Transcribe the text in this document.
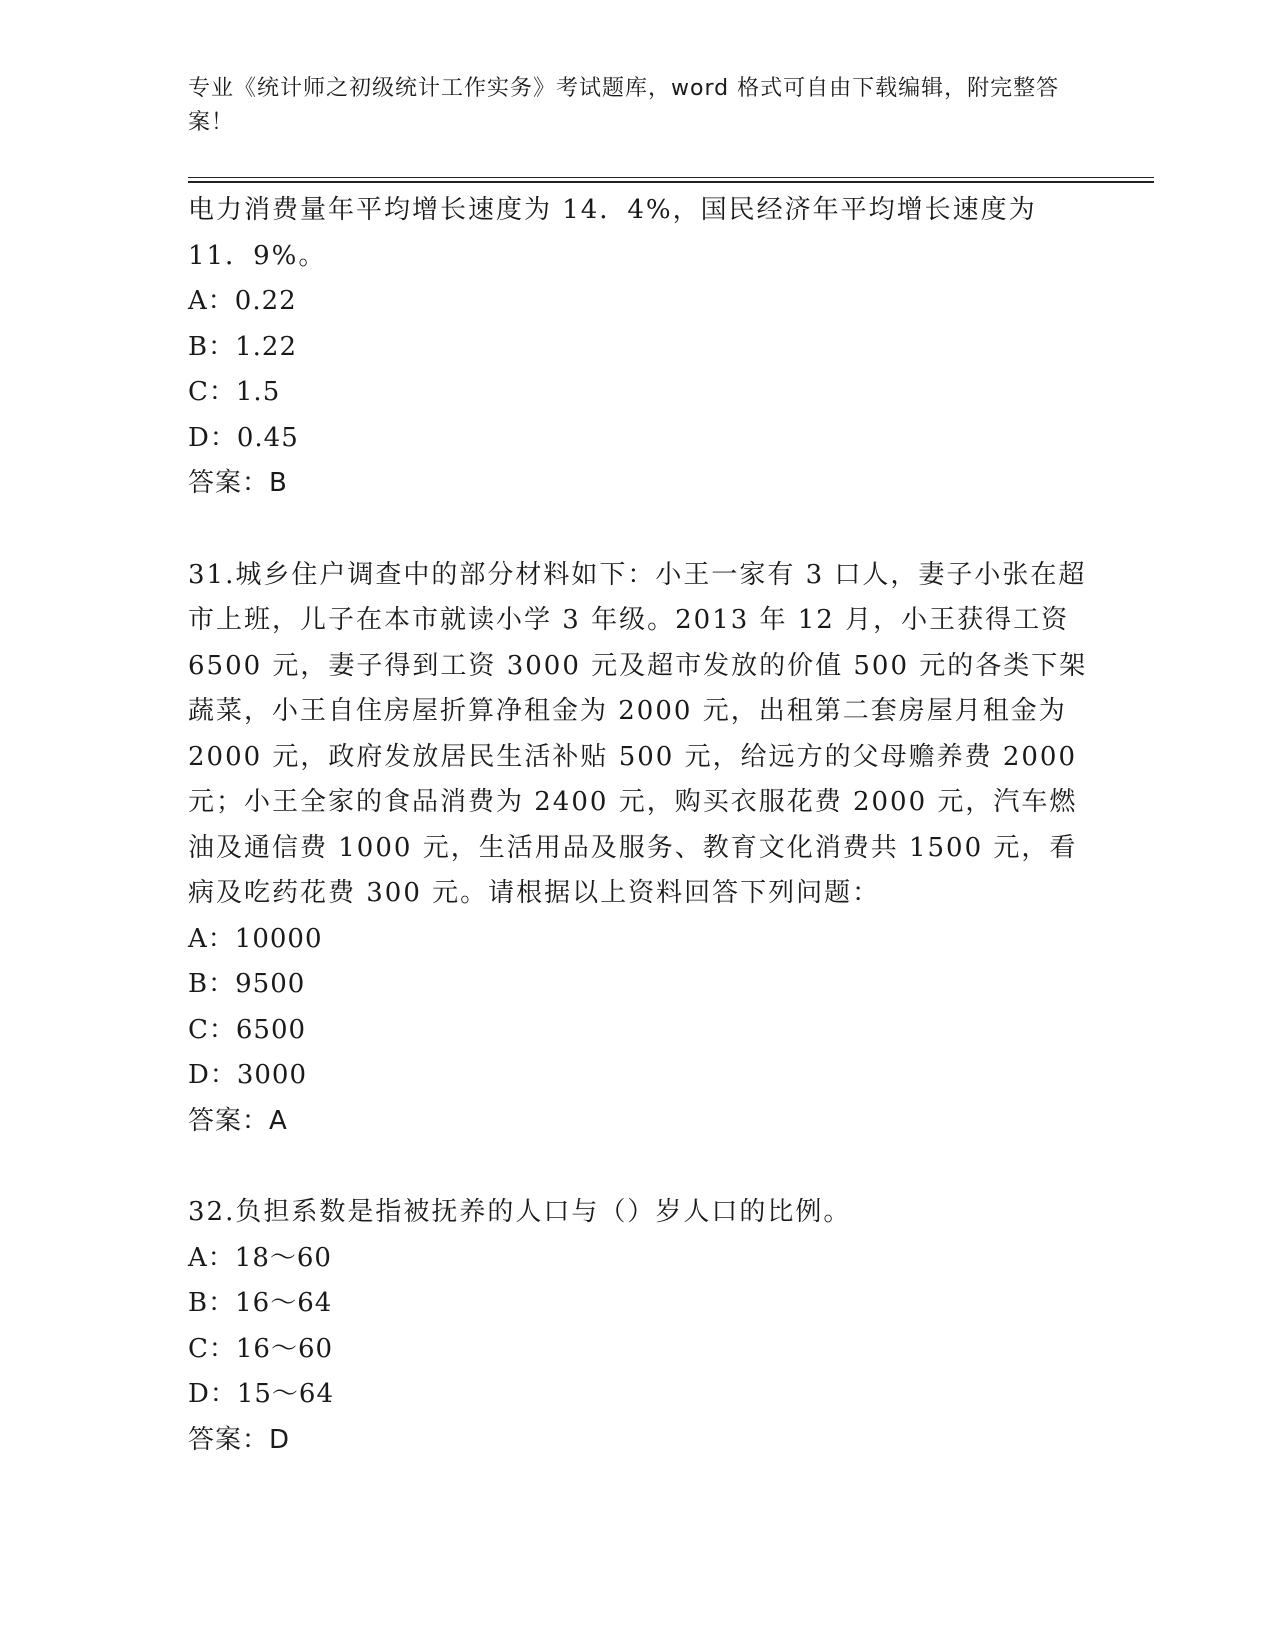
专业《统计师之初级统计工作实务》考试题库，word 格式可自由下载编辑，附完整答案！

电力消费量年平均增长速度为 14．4%，国民经济年平均增长速度为 11．9%。

A：0.22

B：1.22

C：1.5

D：0.45

答案：B

31.城乡住户调查中的部分材料如下：小王一家有 3 口人，妻子小张在超市上班，儿子在本市就读小学 3 年级。2013 年 12 月，小王获得工资 6500 元，妻子得到工资 3000 元及超市发放的价值 500 元的各类下架蔬菜，小王自住房屋折算净租金为 2000 元，出租第二套房屋月租金为 2000 元，政府发放居民生活补贴 500 元，给远方的父母赡养费 2000 元；小王全家的食品消费为 2400 元，购买衣服花费 2000 元，汽车燃油及通信费 1000 元，生活用品及服务、教育文化消费共 1500 元，看病及吃药花费 300 元。请根据以上资料回答下列问题：

A：10000

B：9500

C：6500

D：3000

答案：A

32.负担系数是指被抚养的人口与（）岁人口的比例。

A：18～60

B：16～64

C：16～60

D：15～64

答案：D
